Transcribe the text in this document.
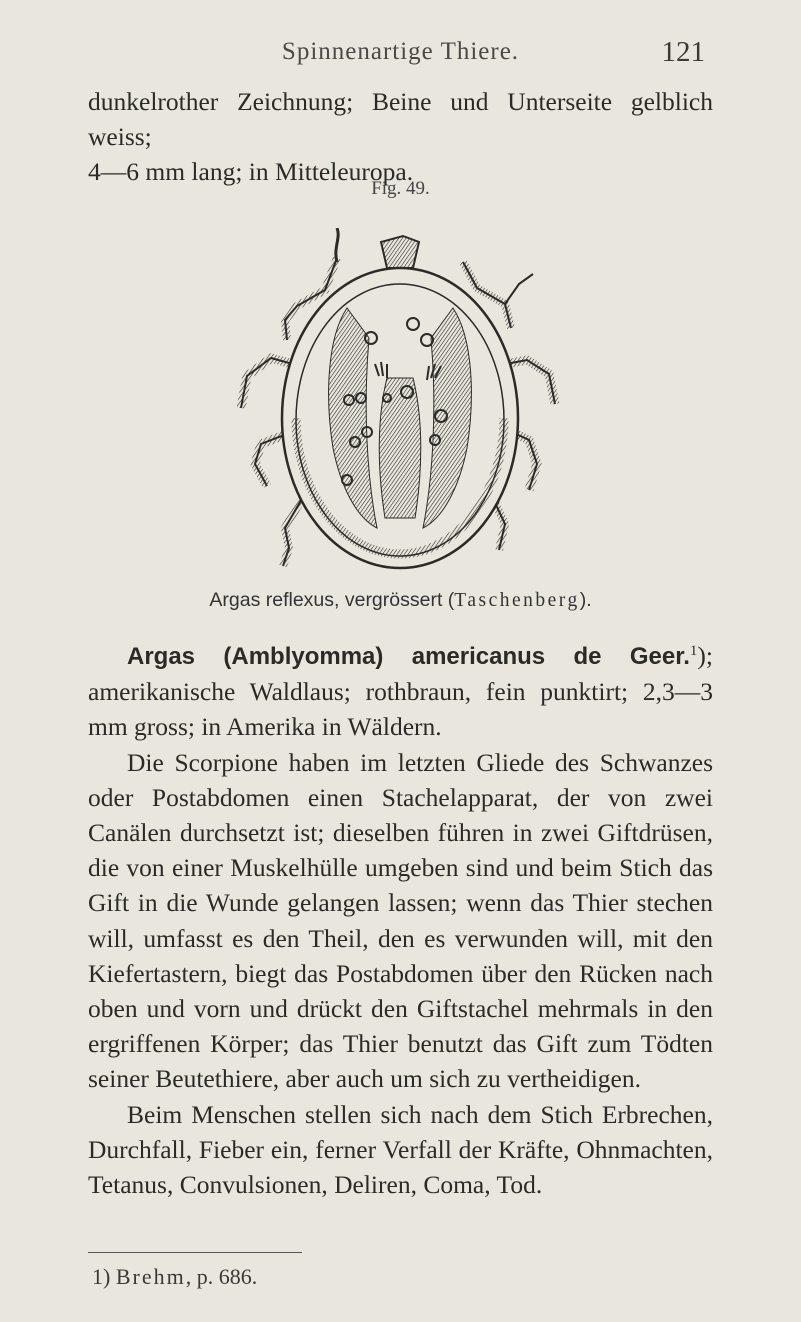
Spinnenartige Thiere.	121

dunkelrother Zeichnung; Beine und Unterseite gelblich weiss;

4—6 mm lang; in Mitteleuropa.

Fig. 49.
Argas reflexus, vergrössert (Taschenberg).

Argas (Amblyomma) americanus de Geer.$^1$); amerikanische Waldlaus; rothbraun, fein punktirt; 2,3—3 mm gross; in Amerika in Wäldern.

Die Scorpione haben im letzten Gliede des Schwanzes oder Postabdomen einen Stachelapparat, der von zwei Canälen durchsetzt ist; dieselben führen in zwei Giftdrüsen, die von einer Muskelhülle umgeben sind und beim Stich das Gift in die Wunde gelangen lassen; wenn das Thier stechen will, umfasst es den Theil, den es verwunden will, mit den Kiefertastern, biegt das Postabdomen über den Rücken nach oben und vorn und drückt den Giftstachel mehrmals in den ergriffenen Körper; das Thier benutzt das Gift zum Tödten seiner Beutethiere, aber auch um sich zu vertheidigen.

Beim Menschen stellen sich nach dem Stich Erbrechen, Durchfall, Fieber ein, ferner Verfall der Kräfte, Ohnmachten, Tetanus, Convulsionen, Deliren, Coma, Tod.

1) Brehm, p. 686.
